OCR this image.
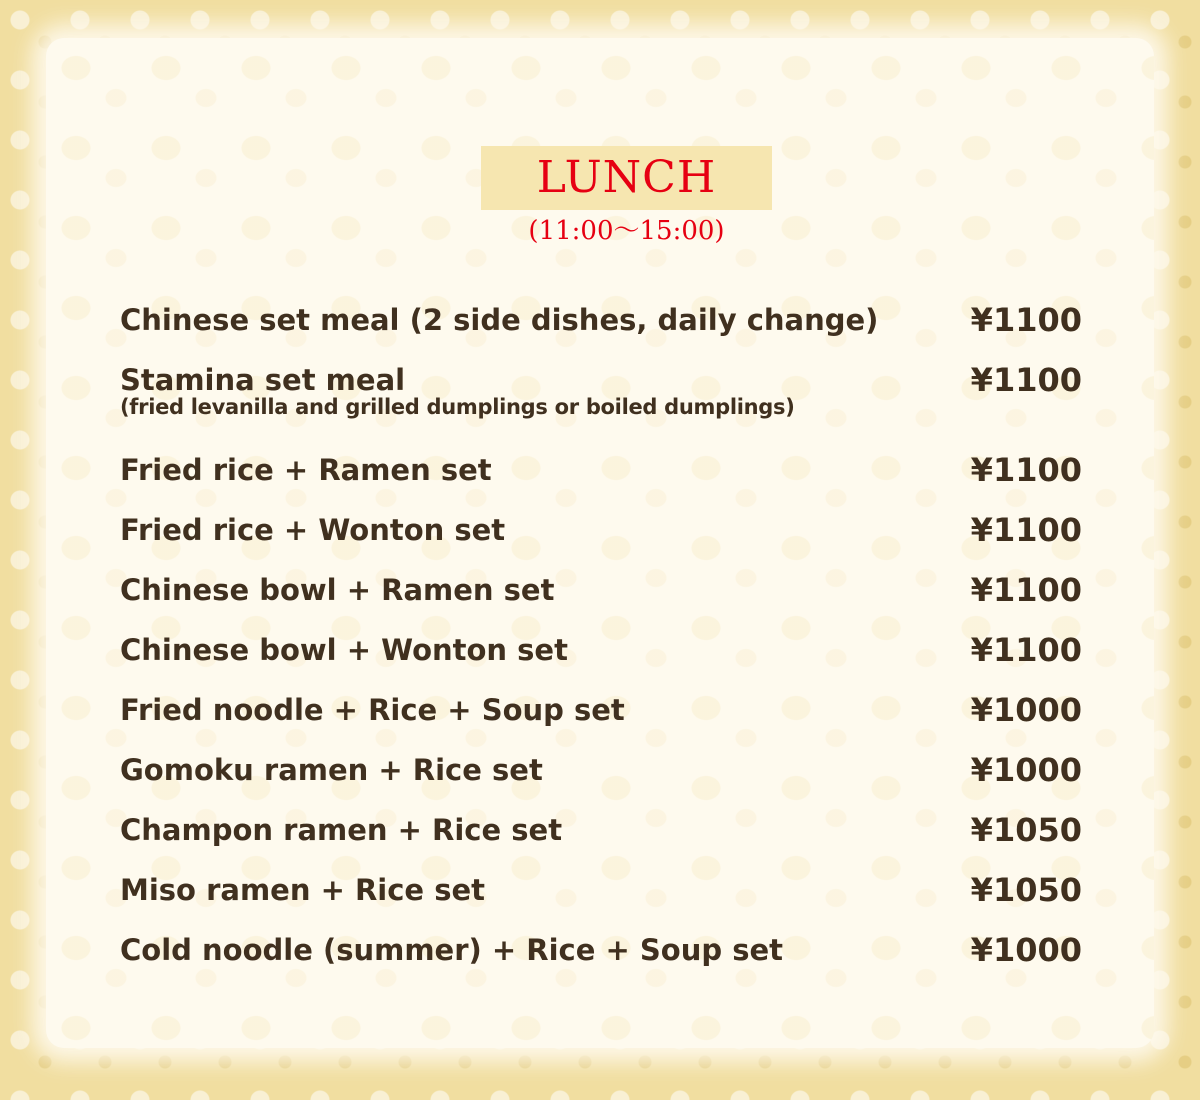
LUNCH
(11:00～15:00)
Chinese set meal (2 side dishes, daily change)	¥1100
Stamina set meal
(fried levanilla and grilled dumplings or boiled dumplings)
¥1100
Fried rice + Ramen set	¥1100
Fried rice + Wonton set	¥1100
Chinese bowl + Ramen set	¥1100
Chinese bowl + Wonton set	¥1100
Fried noodle + Rice + Soup set	¥1000
Gomoku ramen + Rice set	¥1000
Champon ramen + Rice set	¥1050
Miso ramen + Rice set	¥1050
Cold noodle (summer) + Rice + Soup set	¥1000
